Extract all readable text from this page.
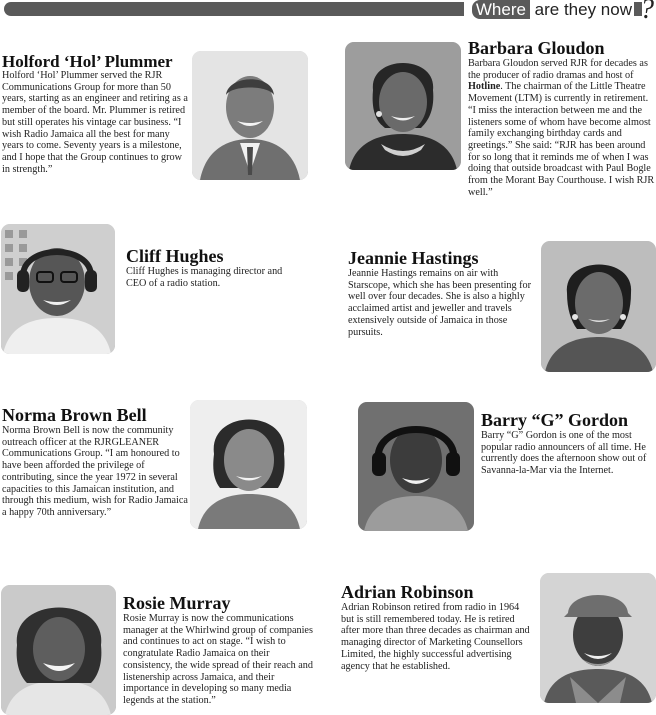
Where are they now ?
Holford ‘Hol’ Plummer
Holford ‘Hol’ Plummer served the RJR Communications Group for more than 50 years, starting as an engineer and retiring as a member of the board. Mr. Plummer is retired but still operates his vintage car business. “I wish Radio Jamaica all the best for many years to come. Seventy years is a milestone, and I hope that the Group continues to grow in strength.”
Barbara Gloudon
Barbara Gloudon served RJR for decades as the producer of radio dramas and host of Hotline. The chairman of the Little Theatre Movement (LTM) is currently in retirement. “I miss the interaction between me and the listeners some of whom have become almost family exchanging birthday cards and greetings.” She said: “RJR has been around for so long that it reminds me of when I was doing that outside broadcast with Paul Bogle from the Morant Bay Courthouse. I wish RJR well.”
Cliff Hughes
Cliff Hughes is managing director and CEO of a radio station.
Jeannie Hastings
Jeannie Hastings remains on air with Starscope, which she has been presenting for well over four decades. She is also a highly acclaimed artist and jeweller and travels extensively outside of Jamaica in those pursuits.
Norma Brown Bell
Norma Brown Bell is now the community outreach officer at the RJRGLEANER Communications Group. “I am honoured to have been afforded the privilege of contributing, since the year 1972 in several capacities to this Jamaican institution, and through this medium, wish for Radio Jamaica a happy 70th anniversary.”
Barry “G” Gordon
Barry “G” Gordon is one of the most popular radio announcers of all time. He currently does the afternoon show out of Savanna-la-Mar via the Internet.
Rosie Murray
Rosie Murray is now the communications manager at the Whirlwind group of companies and continues to act on stage. “I wish to congratulate Radio Jamaica on their consistency, the wide spread of their reach and listenership across Jamaica, and their importance in developing so many media legends at the station.”
Adrian Robinson
Adrian Robinson retired from radio in 1964 but is still remembered today. He is retired after more than three decades as chairman and managing director of Marketing Counsellors Limited, the highly successful advertising agency that he established.
